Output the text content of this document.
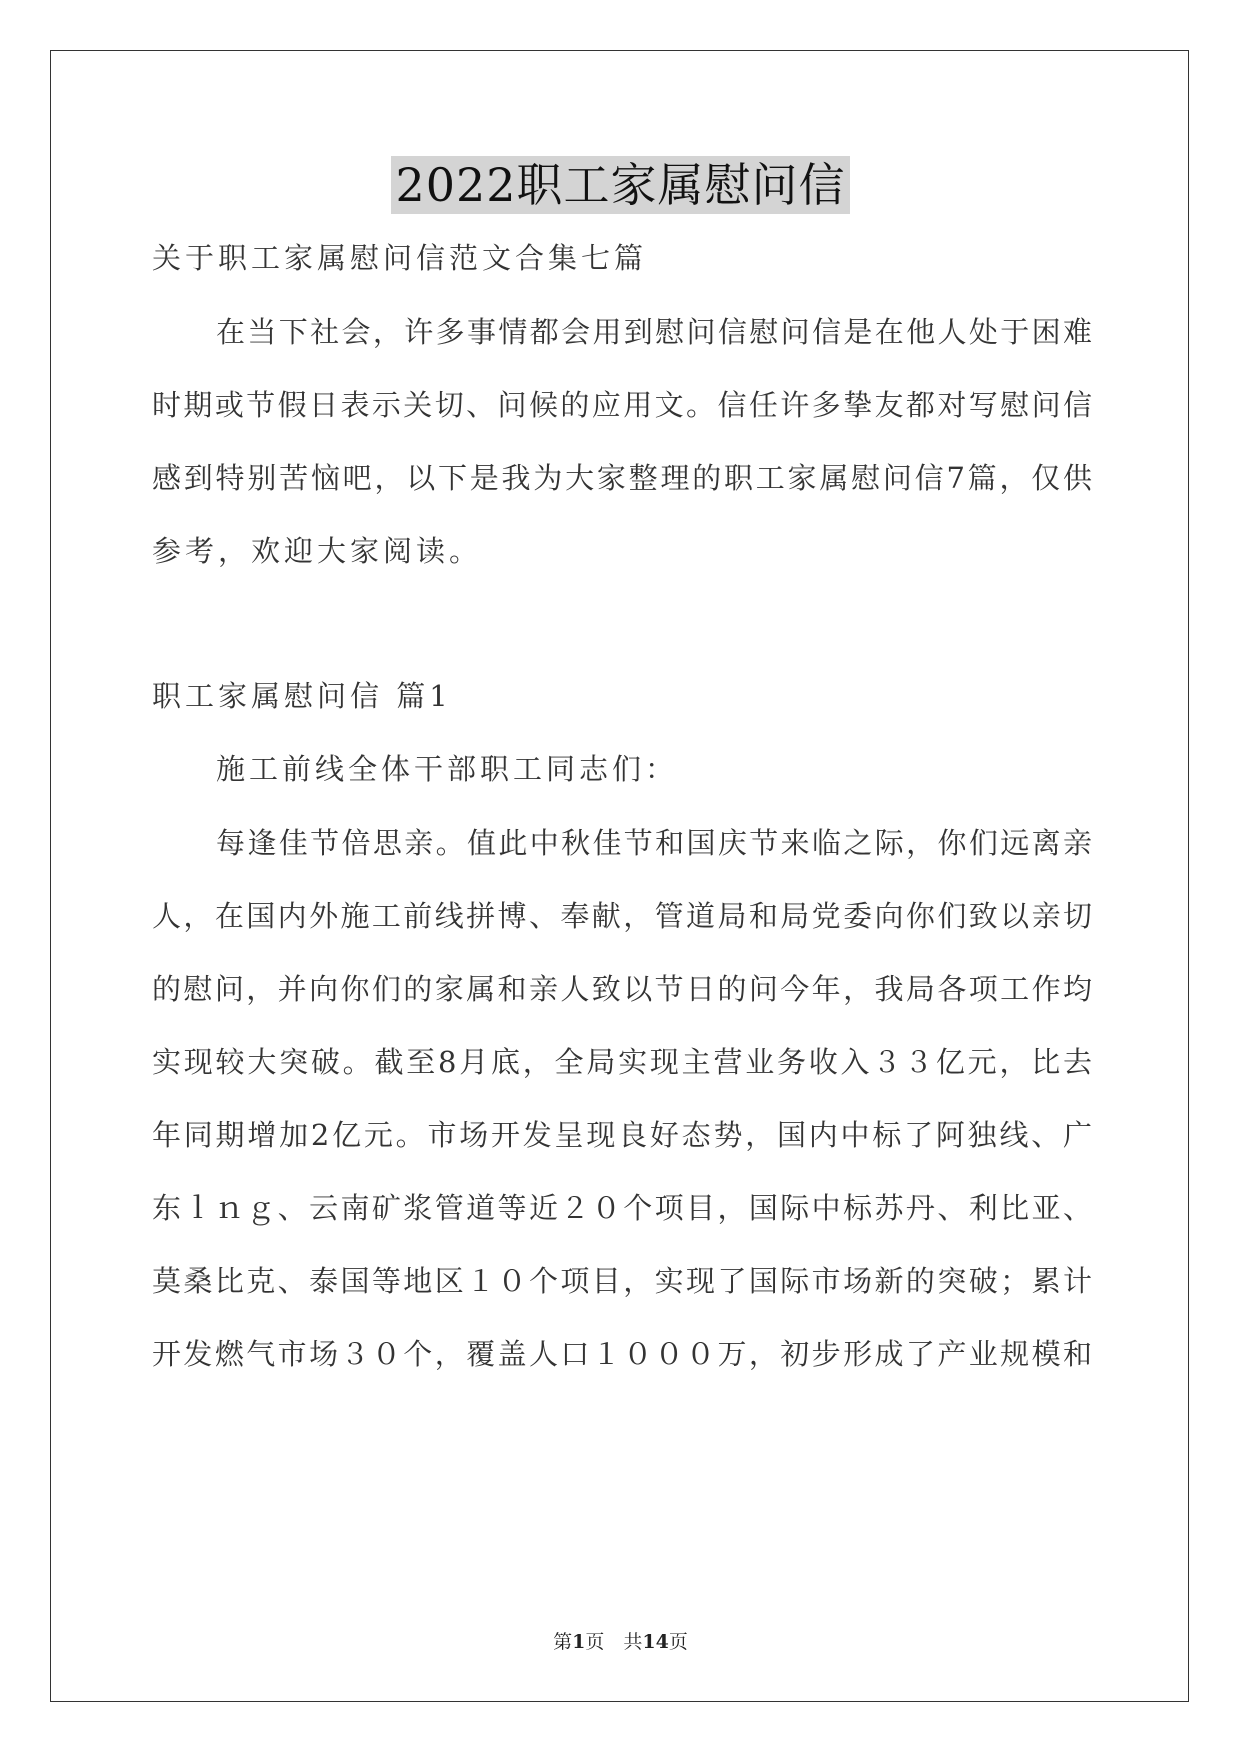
2022职工家属慰问信
关于职工家属慰问信范文合集七篇
在当下社会，许多事情都会用到慰问信慰问信是在他人处于困难
时期或节假日表示关切、问候的应用文。信任许多挚友都对写慰问信
感到特别苦恼吧，以下是我为大家整理的职工家属慰问信7篇，仅供
参考，欢迎大家阅读。
职工家属慰问信 篇1
施工前线全体干部职工同志们：
每逢佳节倍思亲。值此中秋佳节和国庆节来临之际，你们远离亲
人，在国内外施工前线拼博、奉献，管道局和局党委向你们致以亲切
的慰问，并向你们的家属和亲人致以节日的问今年，我局各项工作均
实现较大突破。截至8月底，全局实现主营业务收入３３亿元，比去
年同期增加2亿元。市场开发呈现良好态势，国内中标了阿独线、广
东ｌｎｇ、云南矿浆管道等近２０个项目，国际中标苏丹、利比亚、
莫桑比克、泰国等地区１０个项目，实现了国际市场新的突破；累计
开发燃气市场３０个，覆盖人口１０００万，初步形成了产业规模和
第1页　共14页
